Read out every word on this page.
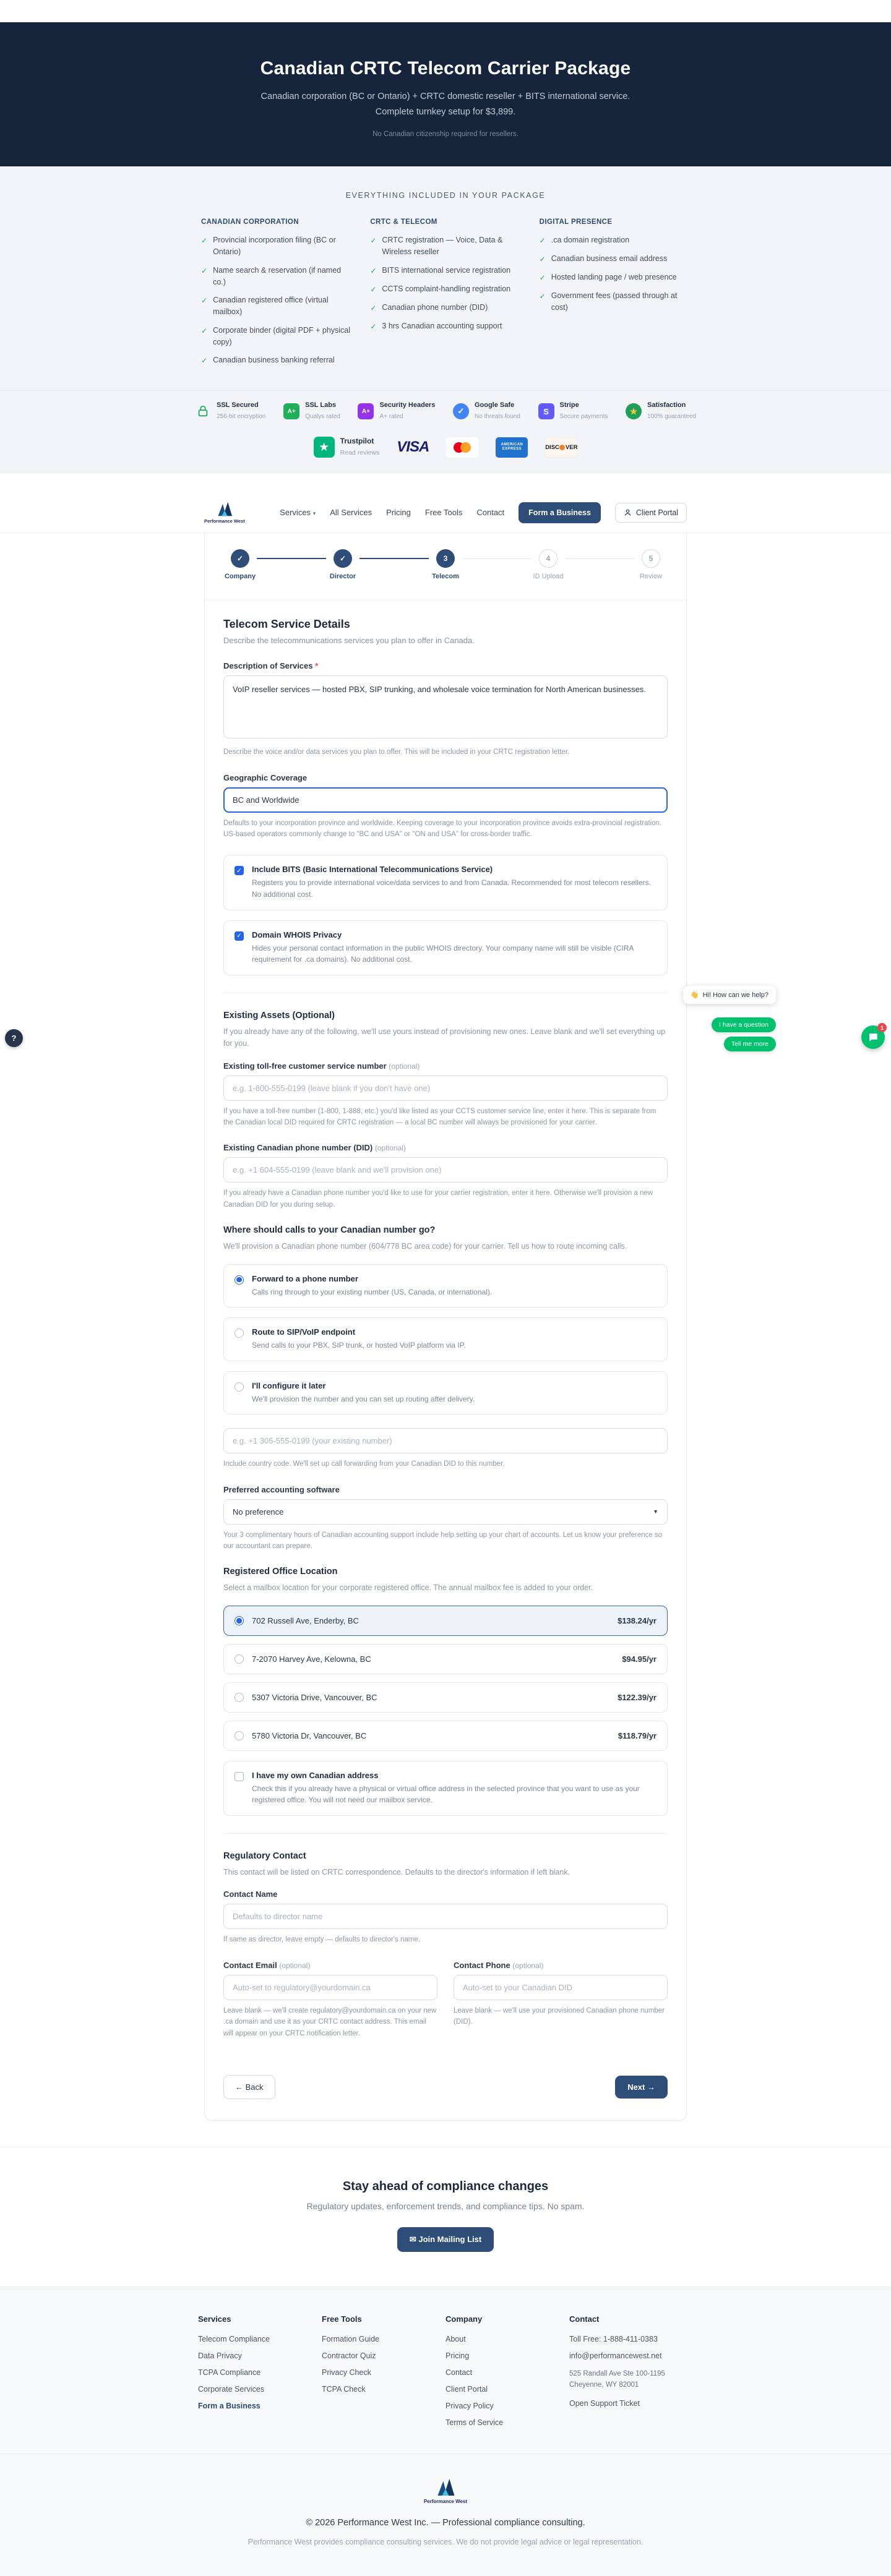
Canadian CRTC Telecom Carrier Package
Canadian corporation (BC or Ontario) + CRTC domestic reseller + BITS international service. Complete turnkey setup for $3,899.
No Canadian citizenship required for resellers.
EVERYTHING INCLUDED IN YOUR PACKAGE
CANADIAN CORPORATION
✓ Provincial incorporation filing (BC or Ontario)
✓ Name search & reservation (if named co.)
✓ Canadian registered office (virtual mailbox)
✓ Corporate binder (digital PDF + physical copy)
✓ Canadian business banking referral
CRTC & TELECOM
✓ CRTC registration — Voice, Data & Wireless reseller
✓ BITS international service registration
✓ CCTS complaint-handling registration
✓ Canadian phone number (DID)
✓ 3 hrs Canadian accounting support
DIGITAL PRESENCE
✓ .ca domain registration
✓ Canadian business email address
✓ Hosted landing page / web presence
✓ Government fees (passed through at cost)
SSL Secured
256-bit encryption
A+
SSL Labs
Qualys rated
A+
Security Headers
A+ rated
✓
Google Safe
No threats found
S
Stripe
Secure payments
★
Satisfaction
100% guaranteed
★	Trustpilot
Read reviews VISA	AMERICAN
EXPRESS	DISC VER
Performance West
Services ▾ All Services Pricing Free Tools Contact	Form a Business	Client Portal
✓
Company
✓
Director
3
Telecom
4
ID Upload
5
Review
Telecom Service Details
Describe the telecommunications services you plan to offer in Canada.
Description of Services *
VoIP reseller services — hosted PBX, SIP trunking, and wholesale voice termination for North American businesses.
Describe the voice and/or data services you plan to offer. This will be included in your CRTC registration letter.
Geographic Coverage
BC and Worldwide
Defaults to your incorporation province and worldwide. Keeping coverage to your incorporation province avoids extra-provincial registration. US-based operators commonly change to "BC and USA" or "ON and USA" for cross-border traffic.
✓ Include BITS (Basic International Telecommunications Service)
Registers you to provide international voice/data services to and from Canada. Recommended for most telecom resellers. No additional cost.
✓ Domain WHOIS Privacy
Hides your personal contact information in the public WHOIS directory. Your company name will still be visible (CIRA requirement for .ca domains). No additional cost.
Existing Assets (Optional)
If you already have any of the following, we'll use yours instead of provisioning new ones. Leave blank and we'll set everything up for you.
Existing toll-free customer service number (optional)
e.g. 1-800-555-0199 (leave blank if you don't have one)
If you have a toll-free number (1-800, 1-888, etc.) you'd like listed as your CCTS customer service line, enter it here. This is separate from the Canadian local DID required for CRTC registration — a local BC number will always be provisioned for your carrier.
Existing Canadian phone number (DID) (optional)
e.g. +1 604-555-0199 (leave blank and we'll provision one)
If you already have a Canadian phone number you'd like to use for your carrier registration, enter it here. Otherwise we'll provision a new Canadian DID for you during setup.
Where should calls to your Canadian number go?
We'll provision a Canadian phone number (604/778 BC area code) for your carrier. Tell us how to route incoming calls.
Forward to a phone number
Calls ring through to your existing number (US, Canada, or international).
Route to SIP/VoIP endpoint
Send calls to your PBX, SIP trunk, or hosted VoIP platform via IP.
I'll configure it later
We'll provision the number and you can set up routing after delivery.
e.g. +1 305-555-0199 (your existing number)
Include country code. We'll set up call forwarding from your Canadian DID to this number.
Preferred accounting software
No preference	▼
Your 3 complimentary hours of Canadian accounting support include help setting up your chart of accounts. Let us know your preference so our accountant can prepare.
Registered Office Location
Select a mailbox location for your corporate registered office. The annual mailbox fee is added to your order.
702 Russell Ave, Enderby, BC	$138.24/yr
7-2070 Harvey Ave, Kelowna, BC	$94.95/yr
5307 Victoria Drive, Vancouver, BC	$122.39/yr
5780 Victoria Dr, Vancouver, BC	$118.79/yr
I have my own Canadian address
Check this if you already have a physical or virtual office address in the selected province that you want to use as your registered office. You will not need our mailbox service.
Regulatory Contact
This contact will be listed on CRTC correspondence. Defaults to the director's information if left blank.
Contact Name
Defaults to director name
If same as director, leave empty — defaults to director's name.
Contact Email (optional)
Auto-set to regulatory@yourdomain.ca
Leave blank — we'll create regulatory@yourdomain.ca on your new .ca domain and use it as your CRTC contact address. This email will appear on your CRTC notification letter.
Contact Phone (optional)
Auto-set to your Canadian DID
Leave blank — we'll use your provisioned Canadian phone number (DID).
← Back	Next →
Stay ahead of compliance changes

Regulatory updates, enforcement trends, and compliance tips. No spam.

✉ Join Mailing List
Services
Telecom Compliance
Data Privacy
TCPA Compliance
Corporate Services
Form a Business
Free Tools
Formation Guide
Contractor Quiz
Privacy Check
TCPA Check
Company
About
Pricing
Contact
Client Portal
Privacy Policy
Terms of Service
Contact
Toll Free: 1-888-411-0383
info@performancewest.net
525 Randall Ave Ste 100-1195
Cheyenne, WY 82001
Open Support Ticket
Performance West
© 2026 Performance West Inc. — Professional compliance consulting.
Performance West provides compliance consulting services. We do not provide legal advice or legal representation.
👋 Hi! How can we help?
I have a question
Tell me more
1
?
